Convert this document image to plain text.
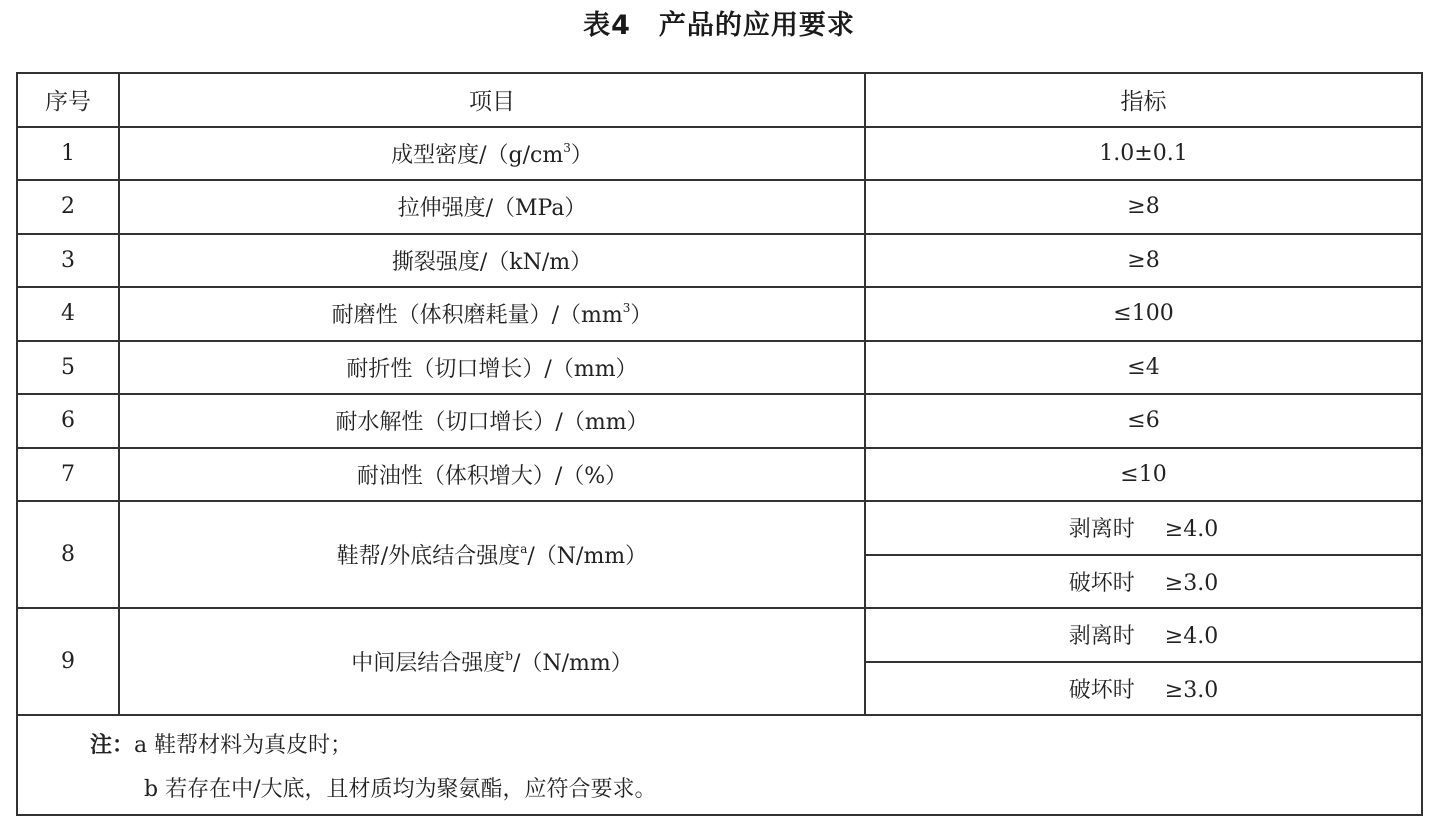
表4　产品的应用要求
序号	项目	指标
1	成型密度$/(g/cm^3)$	1.0±0.1
2	拉伸强度/（MPa）	≥8
3	撕裂强度/（kN/m）	≥8
4	耐磨性（体积磨耗量）$/(mm^3)$	≤100
5	耐折性（切口增长）/（mm）	≤4
6	耐水解性（切口增长）/（mm）	≤6
7	耐油性（体积增大）/（%）	≤10
8	鞋帮/外底结合强度$^a$/（N/mm）	剥离时 ≥4.0
		破坏时 ≥3.0
9	中间层结合强度$^b$/（N/mm）	剥离时 ≥4.0
		破坏时 ≥3.0

注：a 鞋帮材料为真皮时；
b 若存在中/大底，且材质均为聚氨酯，应符合要求。		
